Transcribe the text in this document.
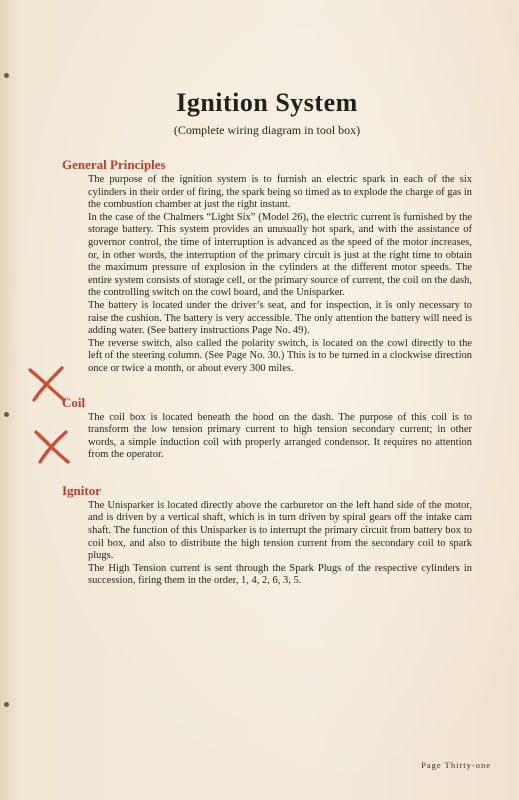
Ignition System

(Complete wiring diagram in tool box)

General Principles

The purpose of the ignition system is to furnish an electric spark in each of the six cylinders in their order of firing, the spark being so timed as to explode the charge of gas in the combustion chamber at just the right instant.

In the case of the Chalmers “Light Six” (Model 26), the electric current is furnished by the storage battery. This system provides an unusually hot spark, and with the assistance of governor control, the time of interruption is advanced as the speed of the motor increases, or, in other words, the interruption of the primary circuit is just at the right time to obtain the maximum pressure of explosion in the cylinders at the different motor speeds. The entire system consists of storage cell, or the primary source of current, the coil on the dash, the controlling switch on the cowl board, and the Unisparker.

The battery is located under the driver’s seat, and for inspection, it is only necessary to raise the cushion. The battery is very accessible. The only attention the battery will need is adding water. (See battery instructions Page No. 49).

The reverse switch, also called the polarity switch, is located on the cowl directly to the left of the steering column. (See Page No. 30.) This is to be turned in a clockwise direction once or twice a month, or about every 300 miles.

Coil

The coil box is located beneath the hood on the dash. The purpose of this coil is to transform the low tension primary current to high tension secondary current; in other words, a simple induction coil with properly arranged condensor. It requires no attention from the operator.

Ignitor

The Unisparker is located directly above the carburetor on the left hand side of the motor, and is driven by a vertical shaft, which is in turn driven by spiral gears off the intake cam shaft. The function of this Unisparker is to interrupt the primary circuit from battery box to coil box, and also to distribute the high tension current from the secondary coil to spark plugs.

The High Tension current is sent through the Spark Plugs of the respective cylinders in succession, firing them in the order, 1, 4, 2, 6, 3, 5.

Page Thirty-one
